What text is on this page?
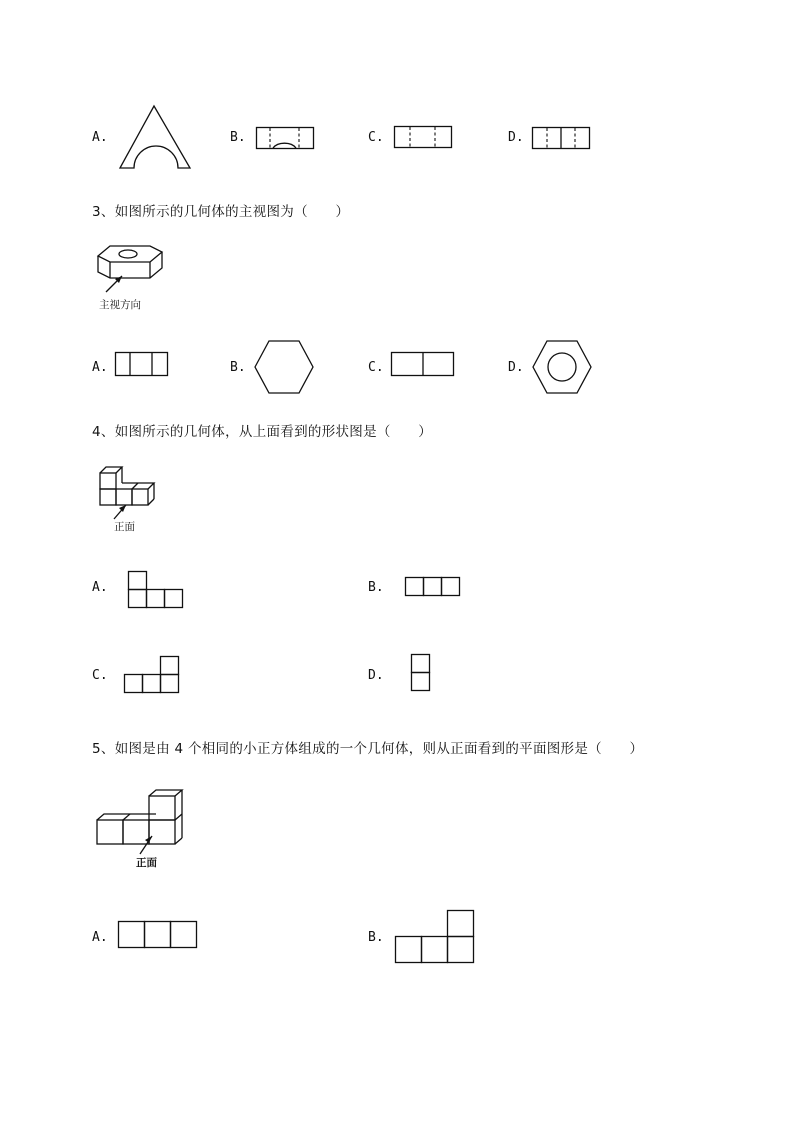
A.	B.	C.	D.
3、如图所示的几何体的主视图为（　　）
主视方向
A.	B.	C.	D.
4、如图所示的几何体，从上面看到的形状图是（　　）
正面
A.	B.
C.	D.
5、如图是由 4 个相同的小正方体组成的一个几何体，则从正面看到的平面图形是（　　）
正面
A.	B.
